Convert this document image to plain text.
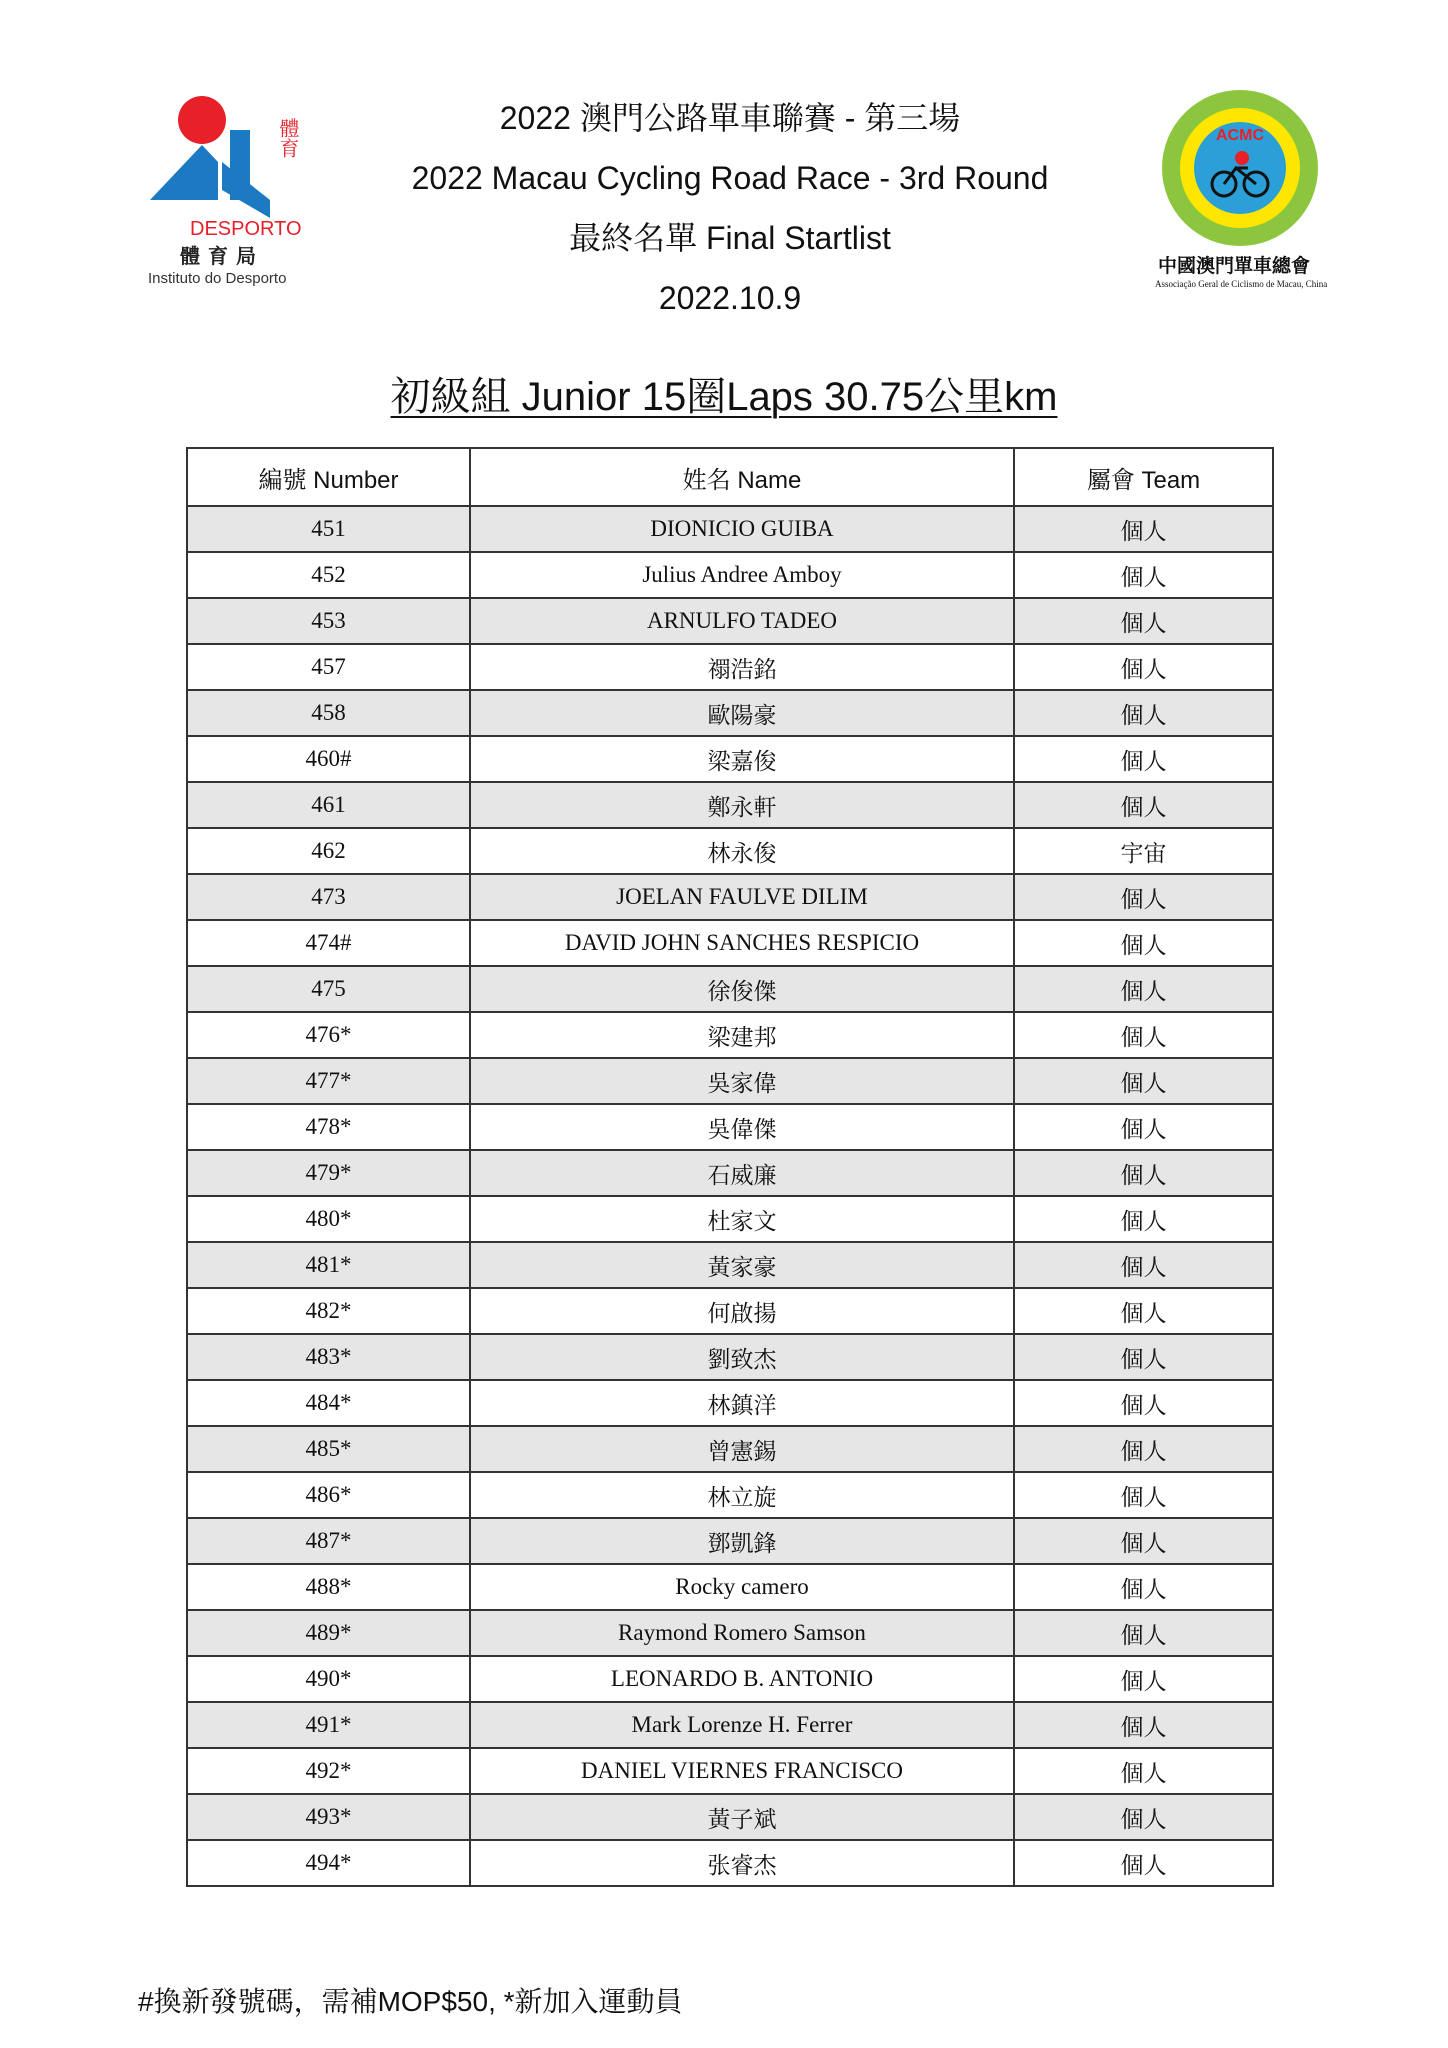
體育
DESPORTO
體育局
Instituto do Desporto
2022 澳門公路單車聯賽 - 第三場
2022 Macau Cycling Road Race - 3rd Round
最終名單 Final Startlist
2022.10.9
ACMC
中國澳門單車總會
Associação Geral de Ciclismo de Macau, China
初級組 Junior 15圈Laps 30.75公里km
編號 Number	姓名 Name	屬會 Team
451	DIONICIO GUIBA	個人
452	Julius Andree Amboy	個人
453	ARNULFO TADEO	個人
457	禤浩銘	個人
458	歐陽豪	個人
460#	梁嘉俊	個人
461	鄭永軒	個人
462	林永俊	宇宙
473	JOELAN FAULVE DILIM	個人
474#	DAVID JOHN SANCHES RESPICIO	個人
475	徐俊傑	個人
476*	梁建邦	個人
477*	吳家偉	個人
478*	吳偉傑	個人
479*	石威廉	個人
480*	杜家文	個人
481*	黃家豪	個人
482*	何啟揚	個人
483*	劉致杰	個人
484*	林鎮洋	個人
485*	曾憲錫	個人
486*	林立旋	個人
487*	鄧凱鋒	個人
488*	Rocky camero	個人
489*	Raymond Romero Samson	個人
490*	LEONARDO B. ANTONIO	個人
491*	Mark Lorenze H. Ferrer	個人
492*	DANIEL VIERNES FRANCISCO	個人
493*	黃子斌	個人
494*	张睿杰	個人
#換新發號碼，需補MOP$50, *新加入運動員
